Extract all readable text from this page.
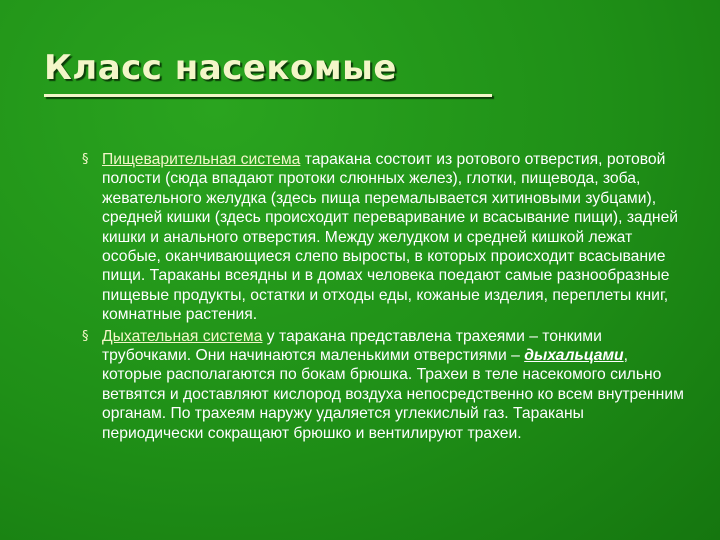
Класс насекомые
§ Пищеварительная система таракана состоит из ротового отверстия, ротовой полости (сюда впадают протоки слюнных желез), глотки, пищевода, зоба, жевательного желудка (здесь пища перемалывается хитиновыми зубцами), средней кишки (здесь происходит переваривание и всасывание пищи), задней кишки и анального отверстия. Между желудком и средней кишкой лежат особые, оканчивающиеся слепо выросты, в которых происходит всасывание пищи. Тараканы всеядны и в домах человека поедают самые разнообразные пищевые продукты, остатки и отходы еды, кожаные изделия, переплеты книг, комнатные растения.
§ Дыхательная система у таракана представлена трахеями – тонкими трубочками. Они начинаются маленькими отверстиями – дыхальцами, которые располагаются по бокам брюшка. Трахеи в теле насекомого сильно ветвятся и доставляют кислород воздуха непосредственно ко всем внутренним органам. По трахеям наружу удаляется углекислый газ. Тараканы периодически сокращают брюшко и вентилируют трахеи.
